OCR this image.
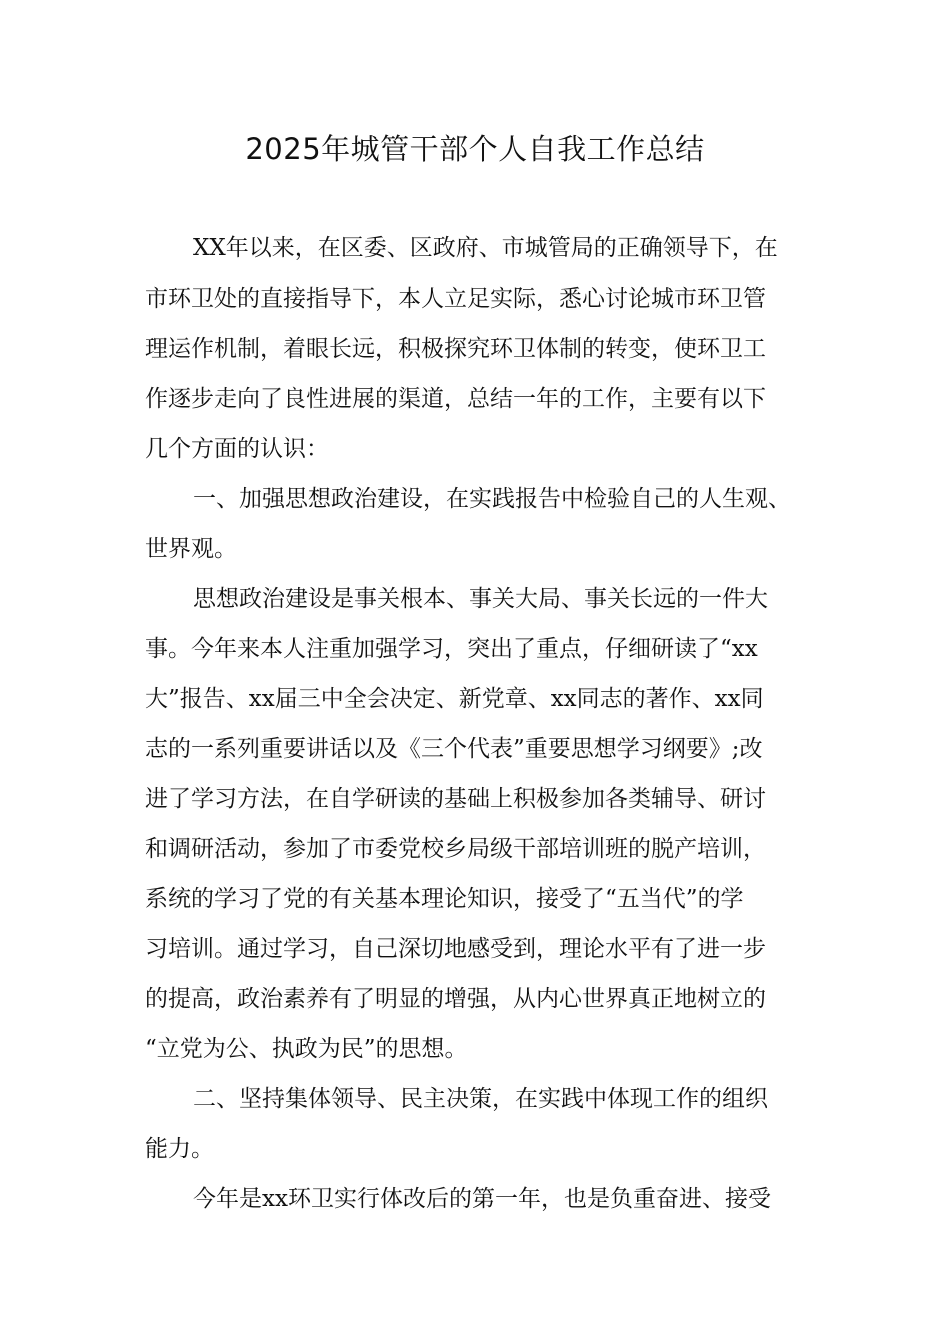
2025年城管干部个人自我工作总结
XX年以来，在区委、区政府、市城管局的正确领导下，在
市环卫处的直接指导下，本人立足实际，悉心讨论城市环卫管
理运作机制，着眼长远，积极探究环卫体制的转变，使环卫工
作逐步走向了良性进展的渠道，总结一年的工作，主要有以下
几个方面的认识：
一、加强思想政治建设，在实践报告中检验自己的人生观、
世界观。
思想政治建设是事关根本、事关大局、事关长远的一件大
事。今年来本人注重加强学习，突出了重点，仔细研读了“xx
大”报告、xx届三中全会决定、新党章、xx同志的著作、xx同
志的一系列重要讲话以及《三个代表”重要思想学习纲要》;改
进了学习方法，在自学研读的基础上积极参加各类辅导、研讨
和调研活动，参加了市委党校乡局级干部培训班的脱产培训，
系统的学习了党的有关基本理论知识，接受了“五当代”的学
习培训。通过学习，自己深切地感受到，理论水平有了进一步
的提高，政治素养有了明显的增强，从内心世界真正地树立的
“立党为公、执政为民”的思想。
二、坚持集体领导、民主决策，在实践中体现工作的组织
能力。
今年是xx环卫实行体改后的第一年，也是负重奋进、接受
